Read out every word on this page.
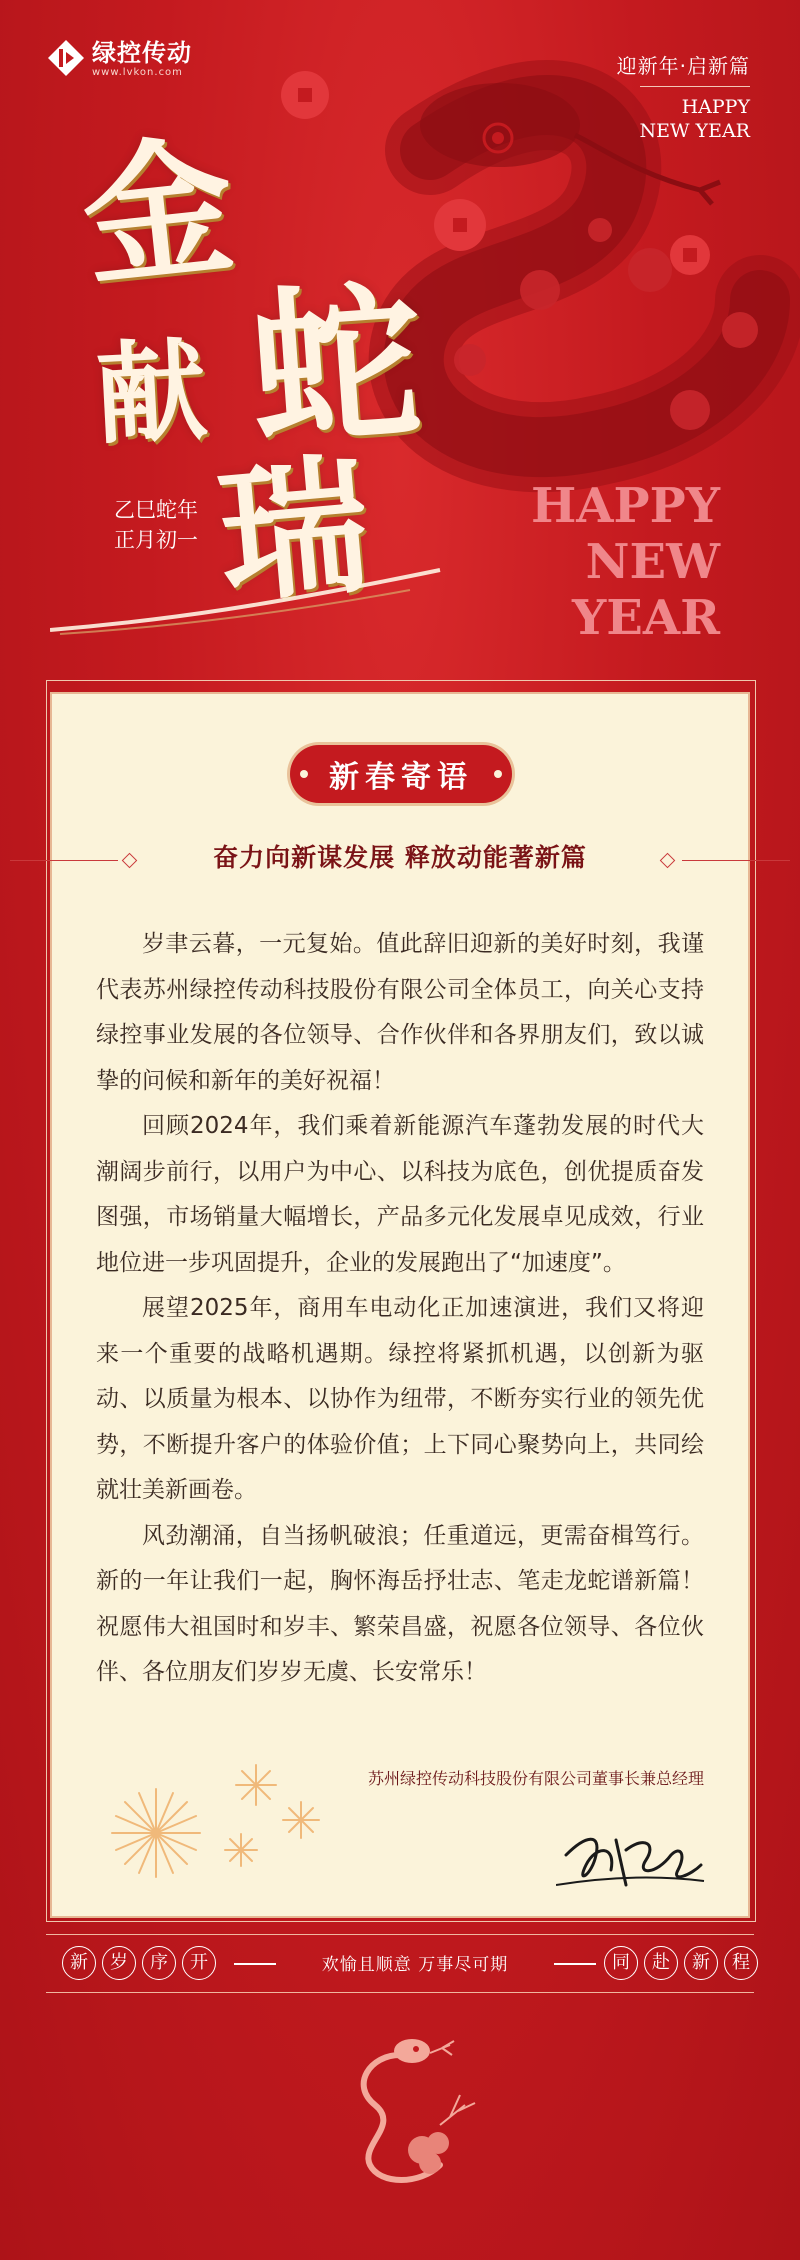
绿控传动
www.lvkon.com	迎新年·启新篇
HAPPY
NEW YEAR
金
蛇
献
瑞
乙巳蛇年
正月初一
HAPPY
NEW YEAR
新春寄语
奋力向新谋发展 释放动能著新篇

岁聿云暮，一元复始。值此辞旧迎新的美好时刻，我谨代表苏州绿控传动科技股份有限公司全体员工，向关心支持绿控事业发展的各位领导、合作伙伴和各界朋友们，致以诚挚的问候和新年的美好祝福！

回顾2024年，我们乘着新能源汽车蓬勃发展的时代大潮阔步前行，以用户为中心、以科技为底色，创优提质奋发图强，市场销量大幅增长，产品多元化发展卓见成效，行业地位进一步巩固提升，企业的发展跑出了“加速度”。

展望2025年，商用车电动化正加速演进，我们又将迎来一个重要的战略机遇期。绿控将紧抓机遇，以创新为驱动、以质量为根本、以协作为纽带，不断夯实行业的领先优势，不断提升客户的体验价值；上下同心聚势向上，共同绘就壮美新画卷。

风劲潮涌，自当扬帆破浪；任重道远，更需奋楫笃行。新的一年让我们一起，胸怀海岳抒壮志、笔走龙蛇谱新篇！祝愿伟大祖国时和岁丰、繁荣昌盛，祝愿各位领导、各位伙伴、各位朋友们岁岁无虞、长安常乐！

苏州绿控传动科技股份有限公司董事长兼总经理
新	岁	序	开	欢愉且顺意 万事尽可期	同	赴	新	程
